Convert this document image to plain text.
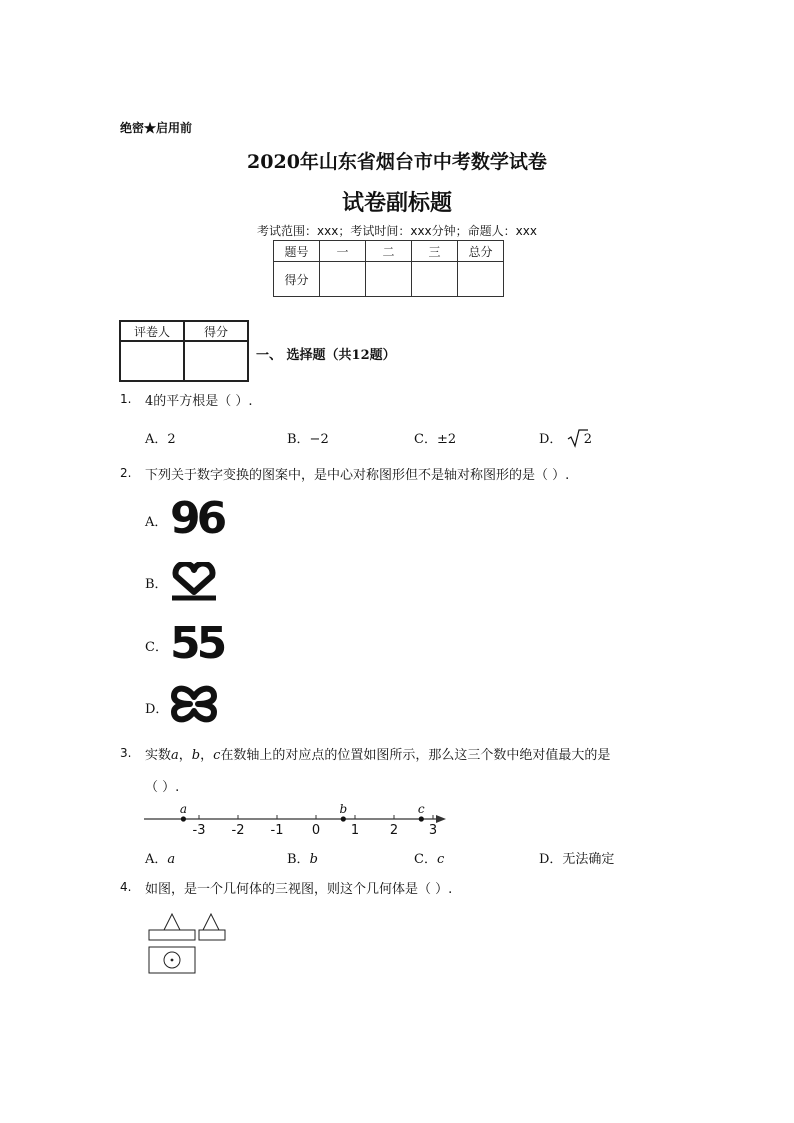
绝密★启用前
2020年山东省烟台市中考数学试卷
试卷副标题
考试范围：xxx；考试时间：xxx分钟；命题人：xxx
题号	一	二	三	总分
得分				
评卷人	得分

一、 选择题（共12题）
1. 4的平方根是（ ）.
A．2	B．−2	C．±2	D． 2
2. 下列关于数字变换的图案中，是中心对称图形但不是轴对称图形的是（ ）.
A． 96
B．
C． 55
D．
3. 实数a，b，c在数轴上的对应点的位置如图所示，那么这三个数中绝对值最大的是
（ ）.
-3 -2 -1 0 1 2 3
a	b	c
A．a	B．b	C．c	D．无法确定
4. 如图，是一个几何体的三视图，则这个几何体是（ ）.
